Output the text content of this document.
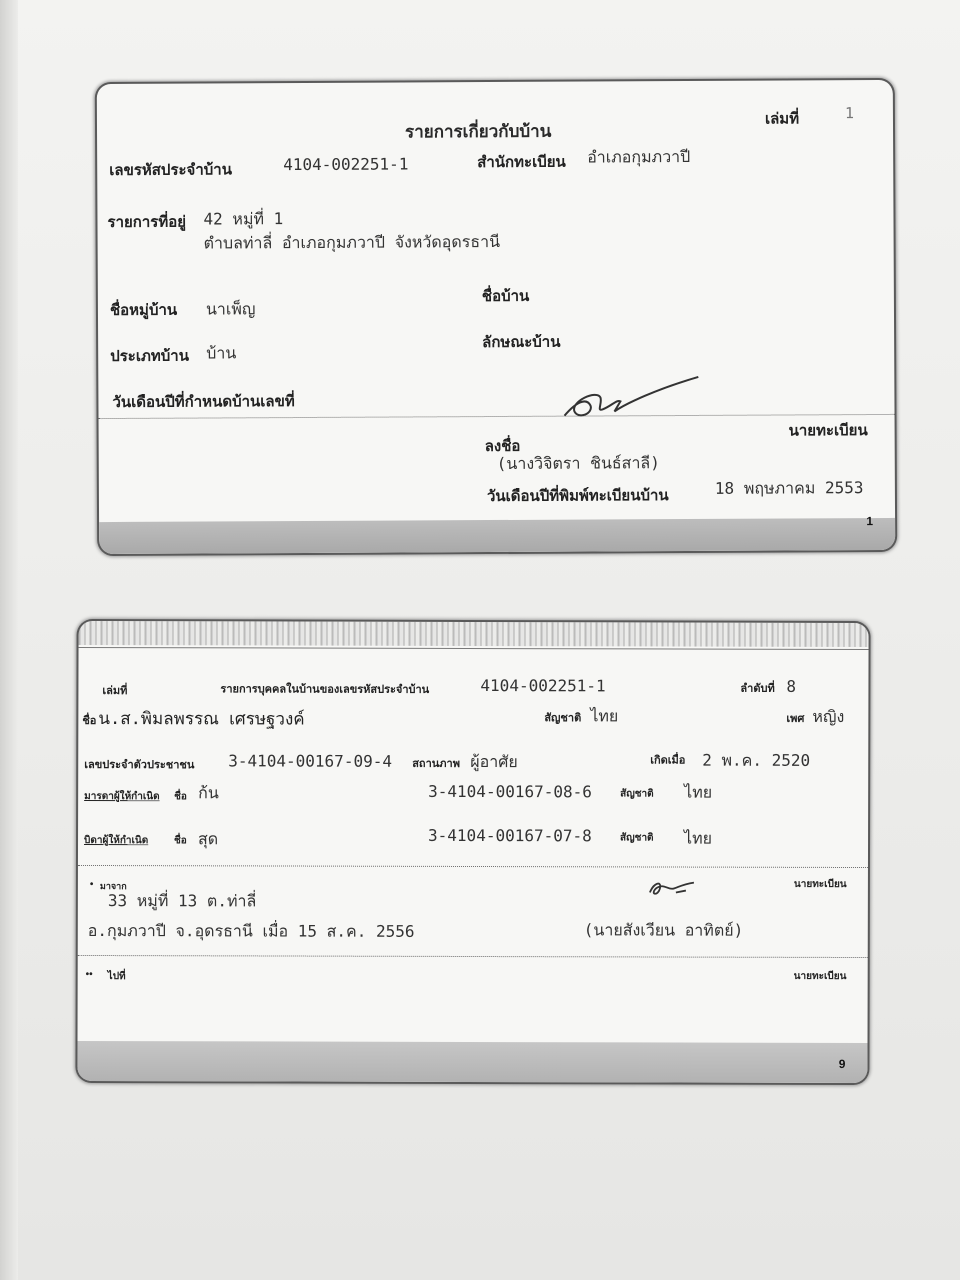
รายการเกี่ยวกับบ้าน
เล่มที่	1
เลขรหัสประจำบ้าน	4104-002251-1	สำนักทะเบียน อำเภอกุมภวาปี
รายการที่อยู่ 42 หมู่ที่ 1
ตำบลท่าลี่ อำเภอกุมภวาปี จังหวัดอุดรธานี
ชื่อหมู่บ้าน นาเพ็ญ
ชื่อบ้าน
ประเภทบ้าน บ้าน
ลักษณะบ้าน
วันเดือนปีที่กำหนดบ้านเลขที่
ลงชื่อ
นายทะเบียน
(นางวิจิตรา ชินธ์สาลี)
วันเดือนปีที่พิมพ์ทะเบียนบ้าน	18 พฤษภาคม 2553
1
เล่มที่	รายการบุคคลในบ้านของเลขรหัสประจำบ้าน	4104-002251-1	ลำดับที่ 8
ชื่อ น.ส.พิมลพรรณ เศรษฐวงค์	สัญชาติ ไทย	เพศ หญิง
เลขประจำตัวประชาชน 3-4104-00167-09-4 สถานภาพ ผู้อาศัย	เกิดเมื่อ 2 พ.ค. 2520
มารดาผู้ให้กำเนิด ชื่อ ก้น	3-4104-00167-08-6	สัญชาติ ไทย
บิดาผู้ให้กำเนิด	ชื่อ สุด	3-4104-00167-07-8	สัญชาติ ไทย
• มาจาก
33 หมู่ที่ 13 ต.ท่าลี่
อ.กุมภวาปี จ.อุดรธานี เมื่อ 15 ส.ค. 2556
นายทะเบียน
(นายสังเวียน อาทิตย์)
•• ไปที่	นายทะเบียน
9
